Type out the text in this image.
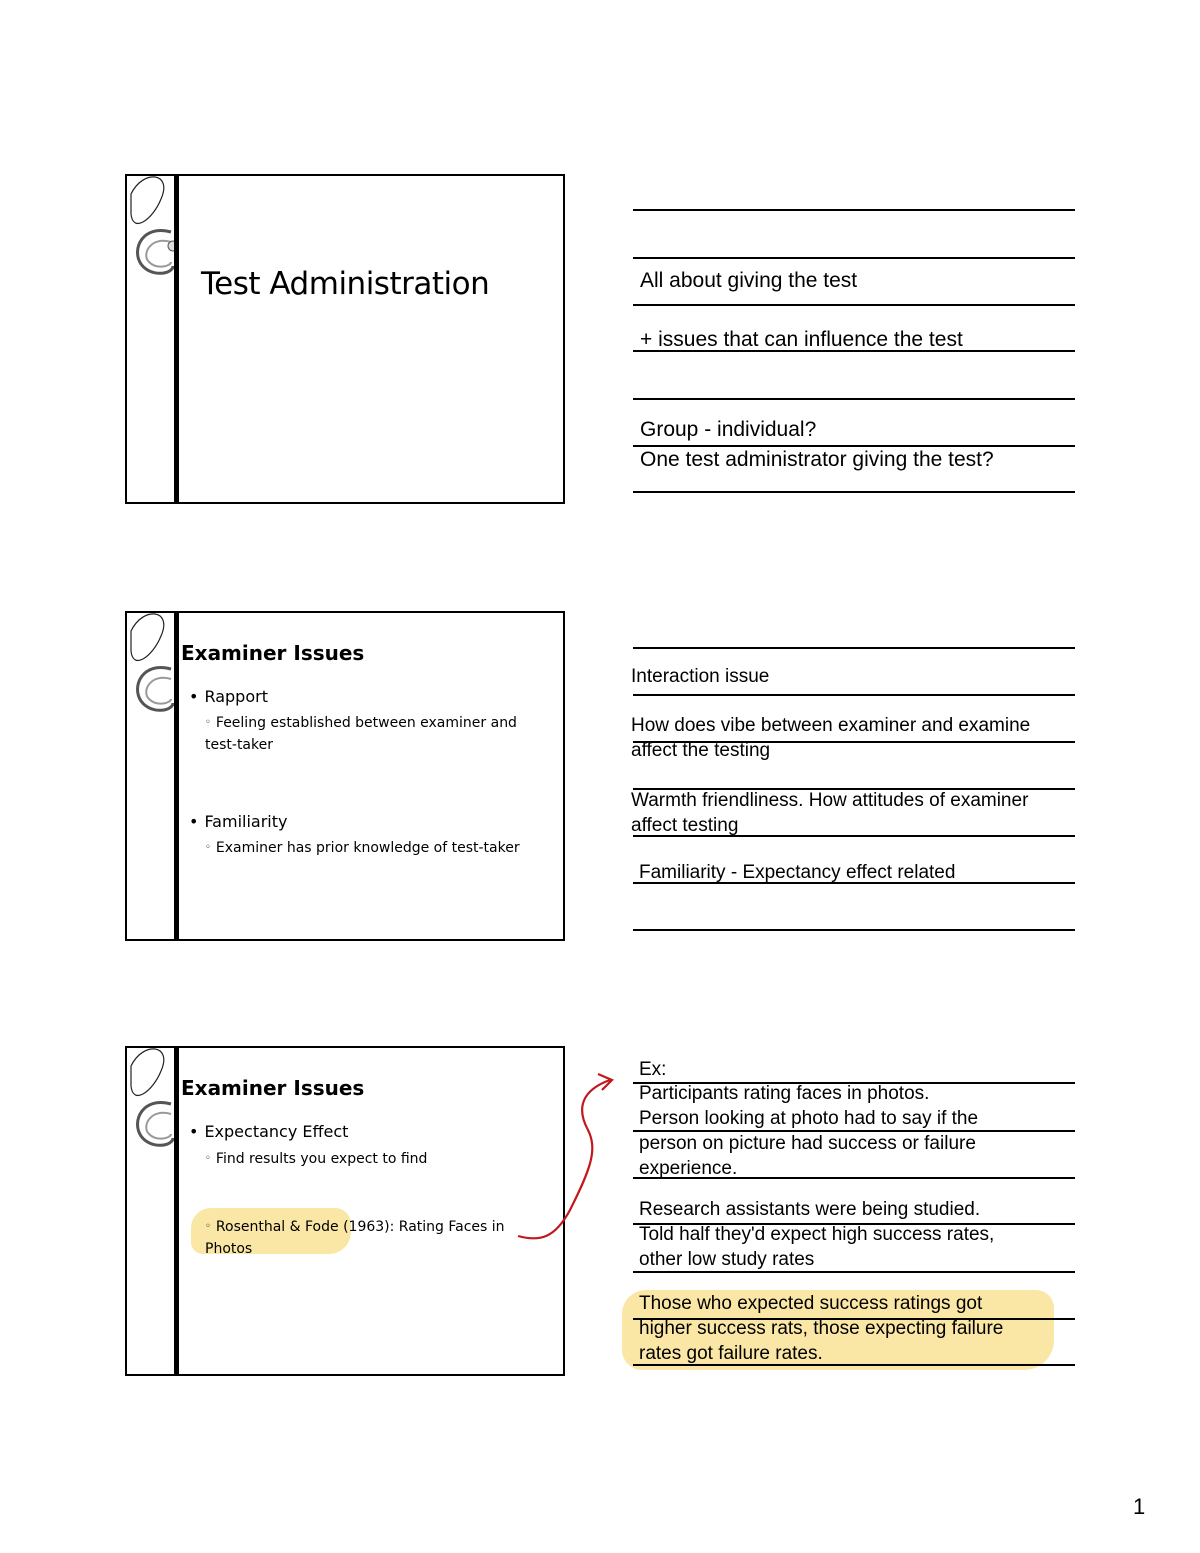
Test Administration	All about giving the test
+ issues that can influence the test
Group - individual?
One test administrator giving the test?
Examiner Issues
• Rapport
◦ Feeling established between examiner and test-taker
• Familiarity
◦ Examiner has prior knowledge of test-taker
Interaction issue
How does vibe between examiner and examine
affect the testing
Warmth friendliness. How attitudes of examiner
affect testing
Familiarity - Expectancy effect related
Examiner Issues
• Expectancy Effect
◦ Find results you expect to find
◦ Rosenthal & Fode (1963): Rating Faces in Photos
Ex:
Participants rating faces in photos.
Person looking at photo had to say if the
person on picture had success or failure
experience.
Research assistants were being studied.
Told half they'd expect high success rates,
other low study rates
Those who expected success ratings got
higher success rats, those expecting failure
rates got failure rates.
1
